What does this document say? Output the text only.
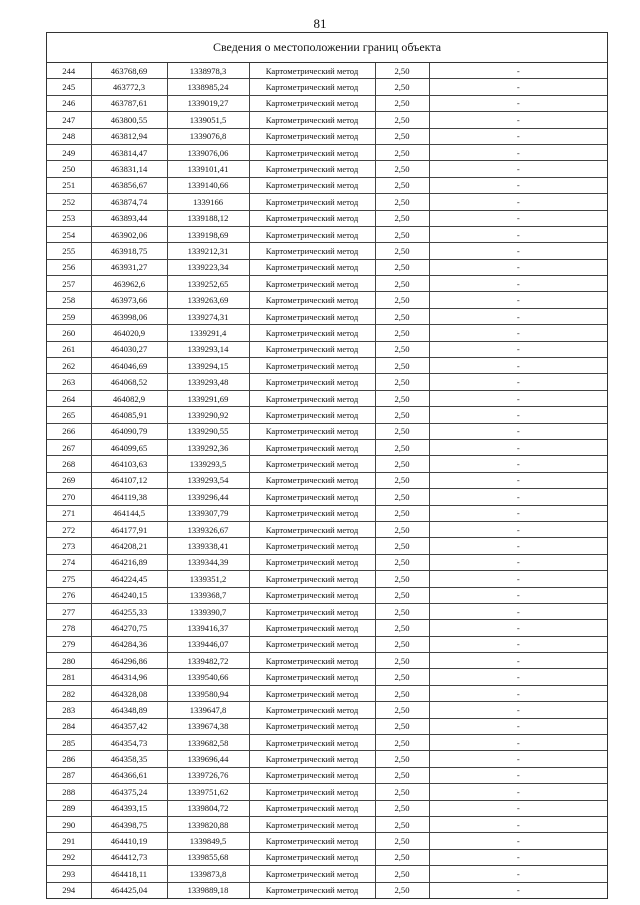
81
Сведения о местоположении границ объекта
244	463768,69	1338978,3	Картометрический метод	2,50	-
245	463772,3	1338985,24	Картометрический метод	2,50	-
246	463787,61	1339019,27	Картометрический метод	2,50	-
247	463800,55	1339051,5	Картометрический метод	2,50	-
248	463812,94	1339076,8	Картометрический метод	2,50	-
249	463814,47	1339076,06	Картометрический метод	2,50	-
250	463831,14	1339101,41	Картометрический метод	2,50	-
251	463856,67	1339140,66	Картометрический метод	2,50	-
252	463874,74	1339166	Картометрический метод	2,50	-
253	463893,44	1339188,12	Картометрический метод	2,50	-
254	463902,06	1339198,69	Картометрический метод	2,50	-
255	463918,75	1339212,31	Картометрический метод	2,50	-
256	463931,27	1339223,34	Картометрический метод	2,50	-
257	463962,6	1339252,65	Картометрический метод	2,50	-
258	463973,66	1339263,69	Картометрический метод	2,50	-
259	463998,06	1339274,31	Картометрический метод	2,50	-
260	464020,9	1339291,4	Картометрический метод	2,50	-
261	464030,27	1339293,14	Картометрический метод	2,50	-
262	464046,69	1339294,15	Картометрический метод	2,50	-
263	464068,52	1339293,48	Картометрический метод	2,50	-
264	464082,9	1339291,69	Картометрический метод	2,50	-
265	464085,91	1339290,92	Картометрический метод	2,50	-
266	464090,79	1339290,55	Картометрический метод	2,50	-
267	464099,65	1339292,36	Картометрический метод	2,50	-
268	464103,63	1339293,5	Картометрический метод	2,50	-
269	464107,12	1339293,54	Картометрический метод	2,50	-
270	464119,38	1339296,44	Картометрический метод	2,50	-
271	464144,5	1339307,79	Картометрический метод	2,50	-
272	464177,91	1339326,67	Картометрический метод	2,50	-
273	464208,21	1339338,41	Картометрический метод	2,50	-
274	464216,89	1339344,39	Картометрический метод	2,50	-
275	464224,45	1339351,2	Картометрический метод	2,50	-
276	464240,15	1339368,7	Картометрический метод	2,50	-
277	464255,33	1339390,7	Картометрический метод	2,50	-
278	464270,75	1339416,37	Картометрический метод	2,50	-
279	464284,36	1339446,07	Картометрический метод	2,50	-
280	464296,86	1339482,72	Картометрический метод	2,50	-
281	464314,96	1339540,66	Картометрический метод	2,50	-
282	464328,08	1339580,94	Картометрический метод	2,50	-
283	464348,89	1339647,8	Картометрический метод	2,50	-
284	464357,42	1339674,38	Картометрический метод	2,50	-
285	464354,73	1339682,58	Картометрический метод	2,50	-
286	464358,35	1339696,44	Картометрический метод	2,50	-
287	464366,61	1339726,76	Картометрический метод	2,50	-
288	464375,24	1339751,62	Картометрический метод	2,50	-
289	464393,15	1339804,72	Картометрический метод	2,50	-
290	464398,75	1339820,88	Картометрический метод	2,50	-
291	464410,19	1339849,5	Картометрический метод	2,50	-
292	464412,73	1339855,68	Картометрический метод	2,50	-
293	464418,11	1339873,8	Картометрический метод	2,50	-
294	464425,04	1339889,18	Картометрический метод	2,50	-
